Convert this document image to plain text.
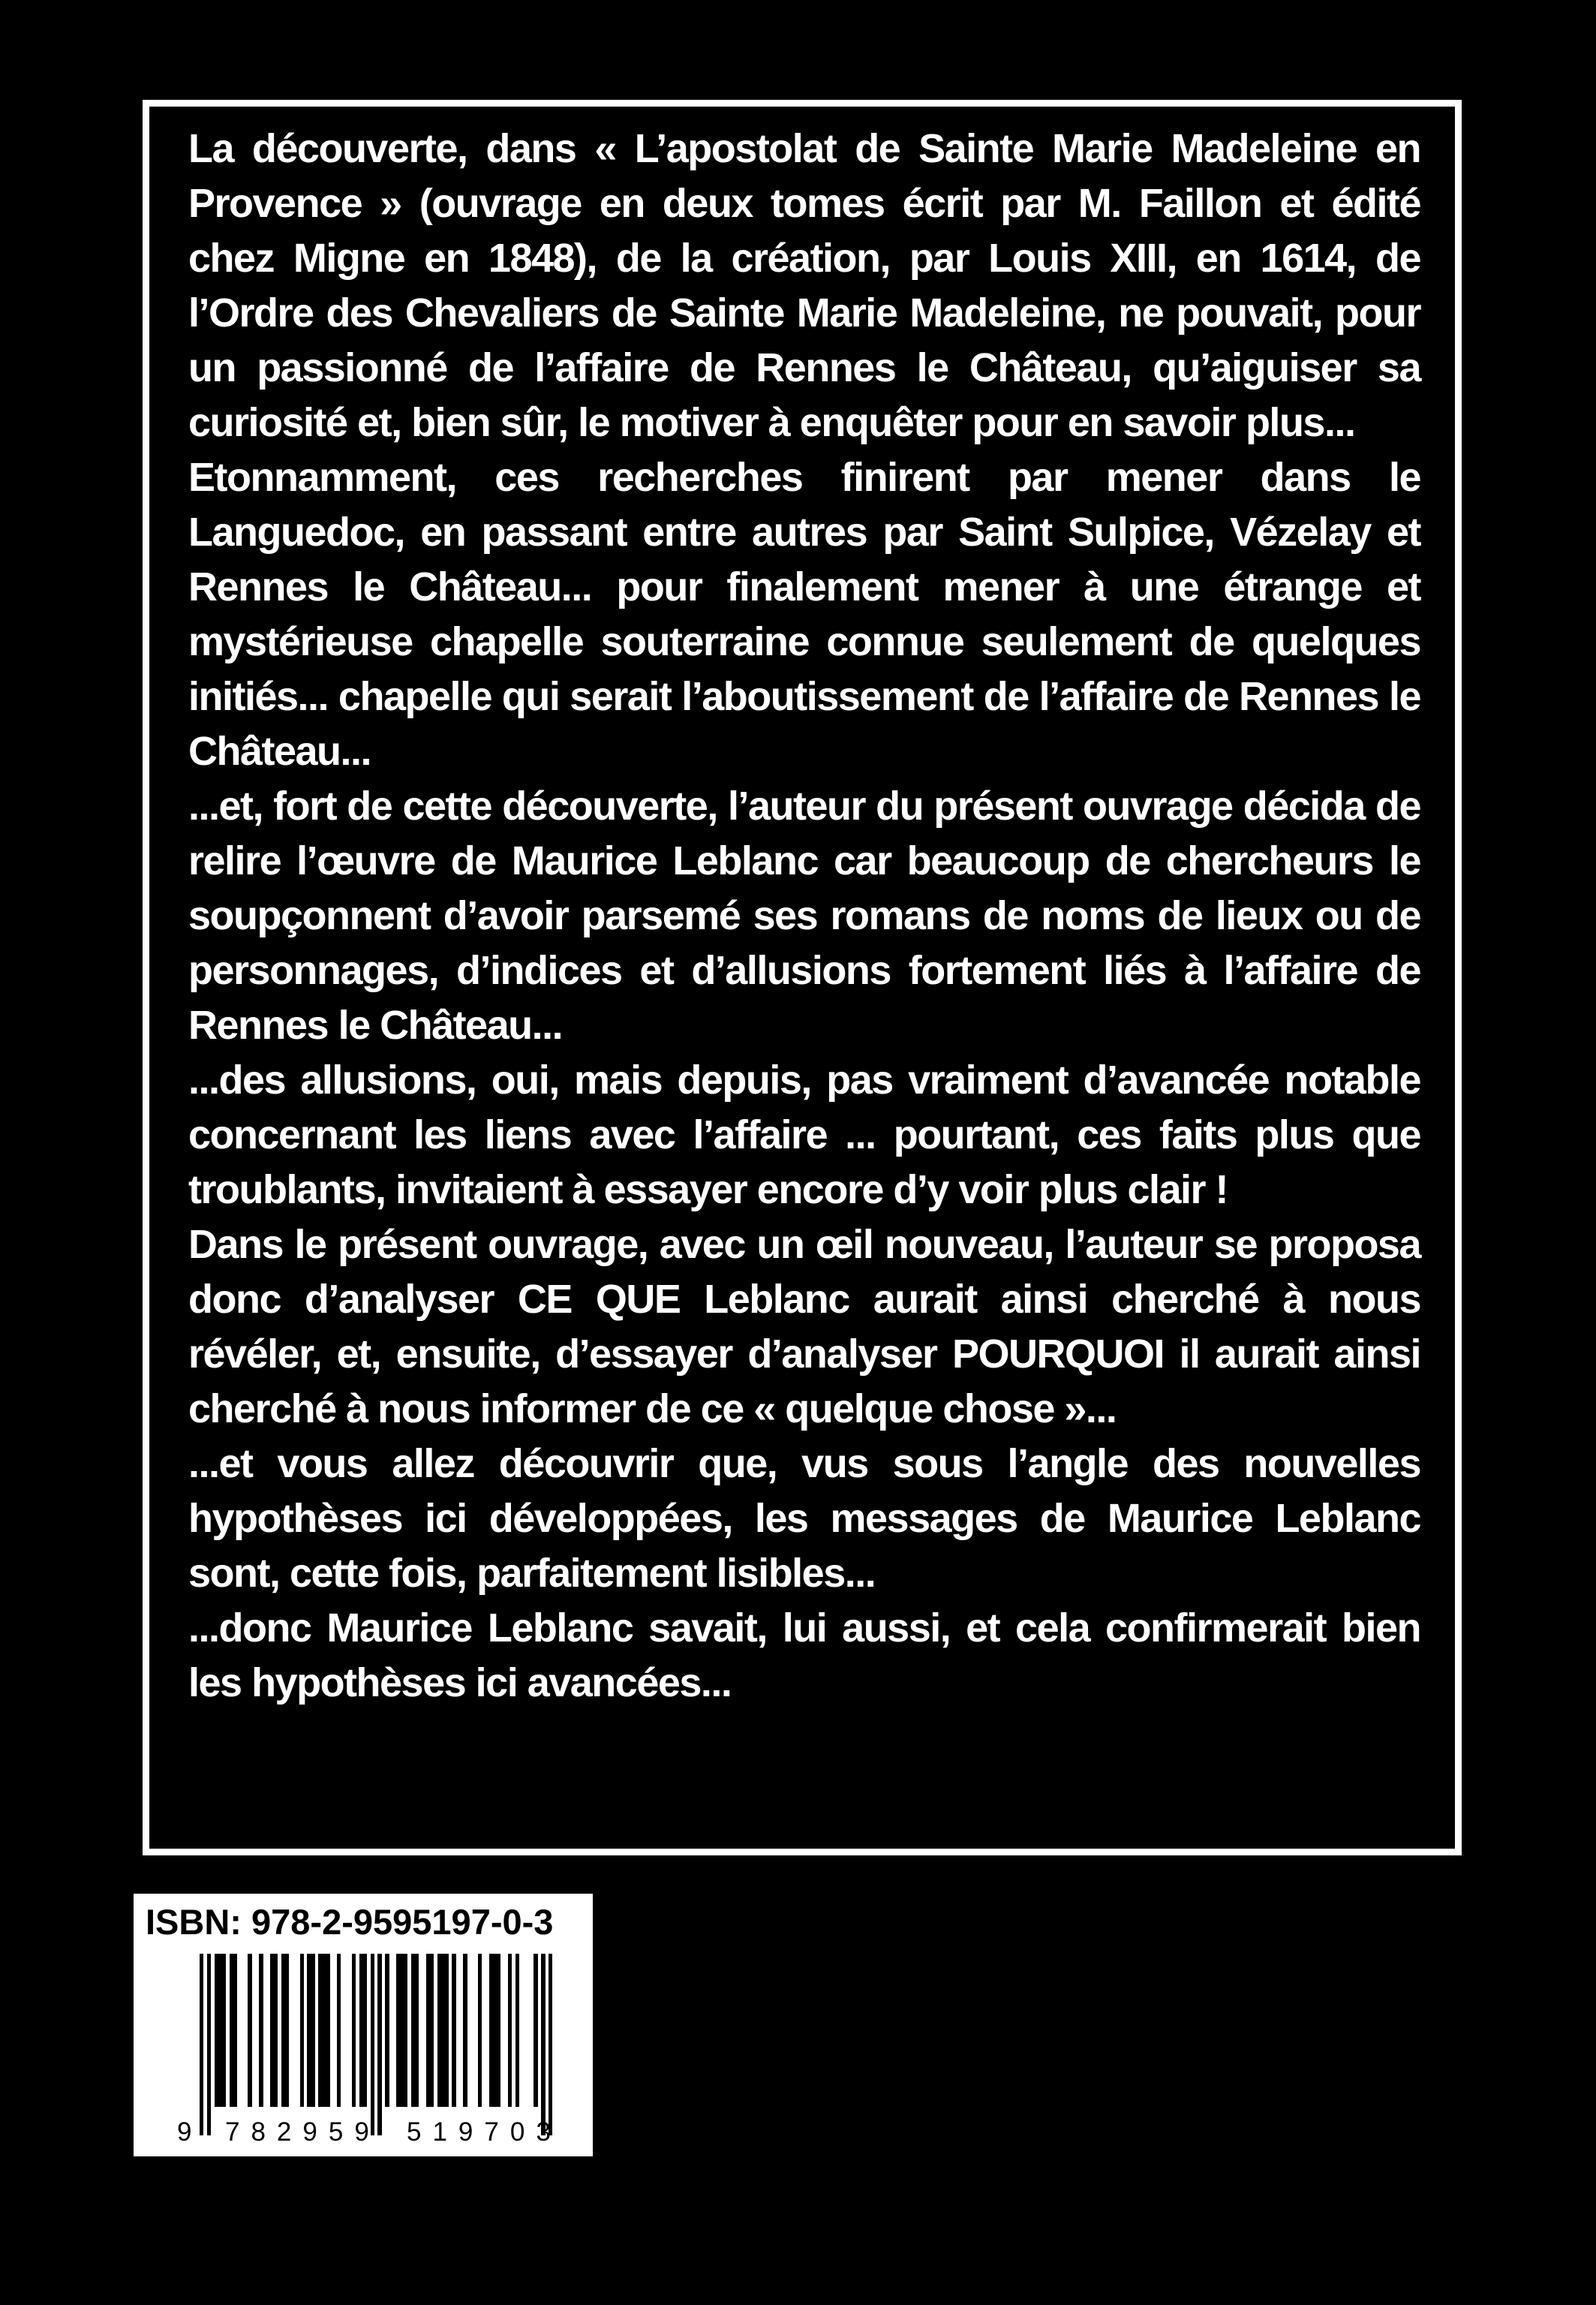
La découverte, dans « L’apostolat de Sainte Marie Madeleine en Provence » (ouvrage en deux tomes écrit par M. Faillon et édité chez Migne en 1848), de la création, par Louis XIII, en 1614, de l’Ordre des Chevaliers de Sainte Marie Madeleine, ne pouvait, pour un passionné de l’affaire de Rennes le Château, qu’aiguiser sa curiosité et, bien sûr, le motiver à enquêter pour en savoir plus...

Etonnamment, ces recherches finirent par mener dans le Languedoc, en passant entre autres par Saint Sulpice, Vézelay et Rennes le Château... pour finalement mener à une étrange et mystérieuse chapelle souterraine connue seulement de quelques initiés... chapelle qui serait l’aboutissement de l’affaire de Rennes le Château...

...et, fort de cette découverte, l’auteur du présent ouvrage décida de relire l’œuvre de Maurice Leblanc car beaucoup de chercheurs le soupçonnent d’avoir parsemé ses romans de noms de lieux ou de personnages, d’indices et d’allusions fortement liés à l’affaire de Rennes le Château...

...des allusions, oui, mais depuis, pas vraiment d’avancée notable concernant les liens avec l’affaire ... pourtant, ces faits plus que troublants, invitaient à essayer encore d’y voir plus clair !

Dans le présent ouvrage, avec un œil nouveau, l’auteur se proposa donc d’analyser CE QUE Leblanc aurait ainsi cherché à nous révéler, et, ensuite, d’essayer d’analyser POURQUOI il aurait ainsi cherché à nous informer de ce « quelque chose »...

...et vous allez découvrir que, vus sous l’angle des nouvelles hypothèses ici développées, les messages de Maurice Leblanc sont, cette fois, parfaitement lisibles...

...donc Maurice Leblanc savait, lui aussi, et cela confirmerait bien les hypothèses ici avancées...

ISBN: 978-2-9595197-0-3
9 782959 519703
